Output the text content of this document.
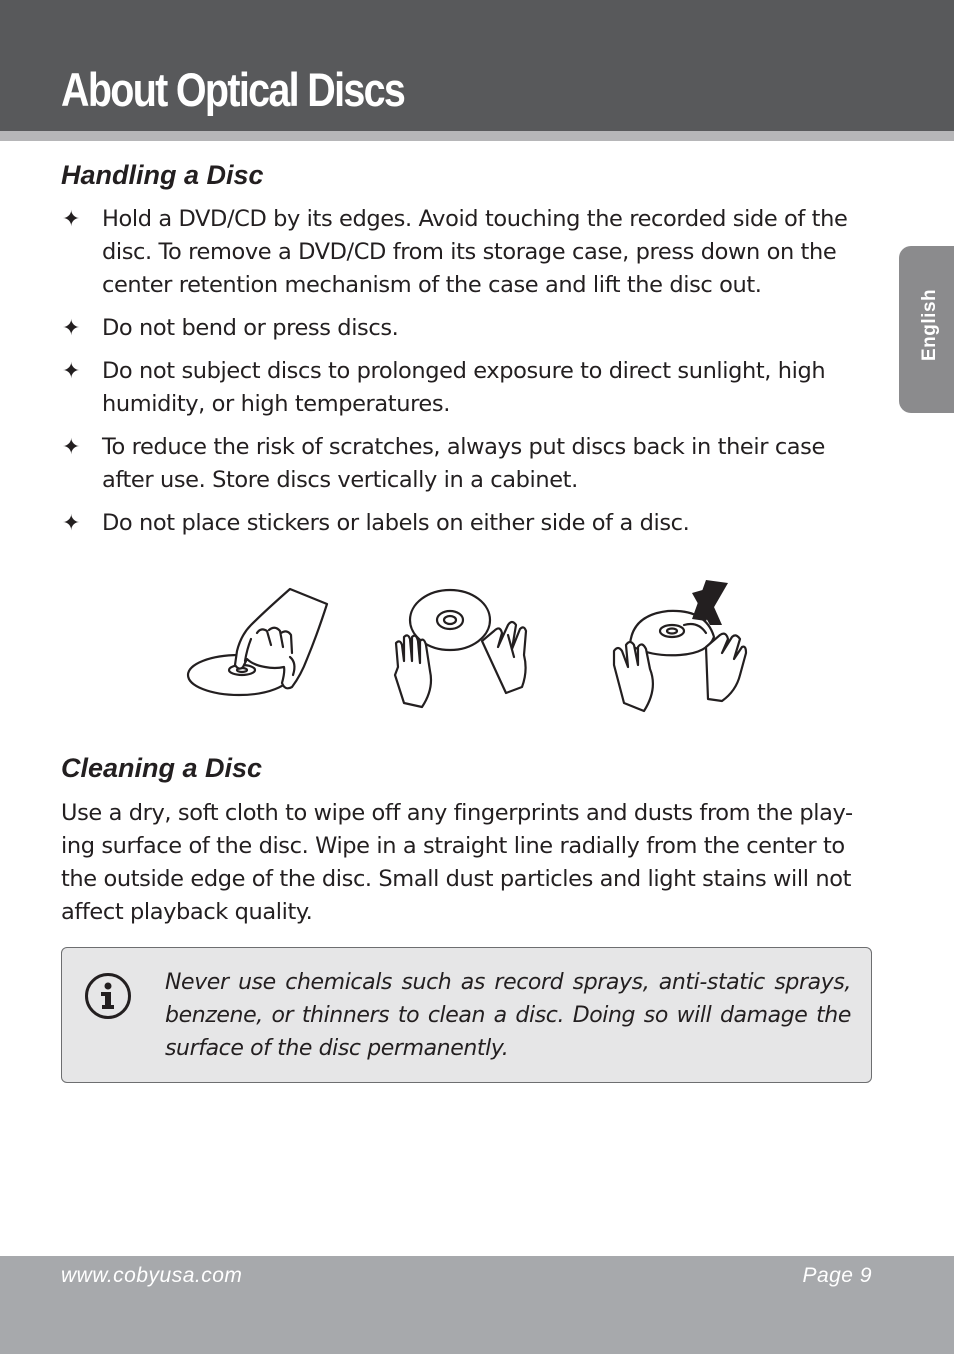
About Optical Discs
English
Handling a Disc
✦ Hold a DVD/CD by its edges. Avoid touching the recorded side of the disc. To remove a DVD/CD from its storage case, press down on the center retention mechanism of the case and lift the disc out.
✦ Do not bend or press discs.
✦ Do not subject discs to prolonged exposure to direct sunlight, high humidity, or high temperatures.
✦ To reduce the risk of scratches, always put discs back in their case after use. Store discs vertically in a cabinet.
✦ Do not place stickers or labels on either side of a disc.
Cleaning a Disc

Use a dry, soft cloth to wipe off any fingerprints and dusts from the play-ing surface of the disc. Wipe in a straight line radially from the center to the outside edge of the disc. Small dust particles and light stains will not affect playback quality.

Never use chemicals such as record sprays, anti-static sprays, benzene, or thinners to clean a disc. Doing so will damage the surface of the disc permanently.

www.cobyusa.com	Page 9
